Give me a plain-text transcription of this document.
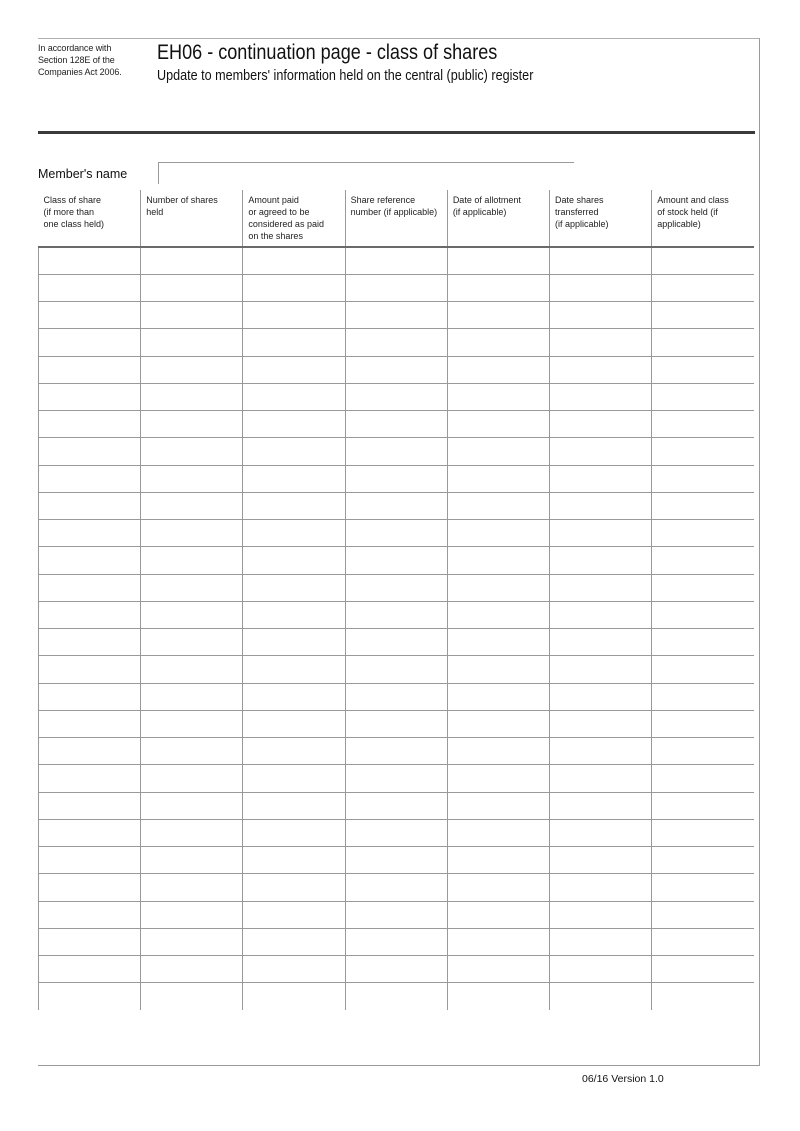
In accordance with
Section 128E of the
Companies Act 2006.
EH06 - continuation page - class of shares
Update to members' information held on the central (public) register
Member's name
Class of share
(if more than
one class held)	Number of shares
held	Amount paid
or agreed to be
considered as paid
on the shares	Share reference
number (if applicable)	Date of allotment
(if applicable)	Date shares
transferred
(if applicable)	Amount and class
of stock held (if
applicable)

06/16 Version 1.0
